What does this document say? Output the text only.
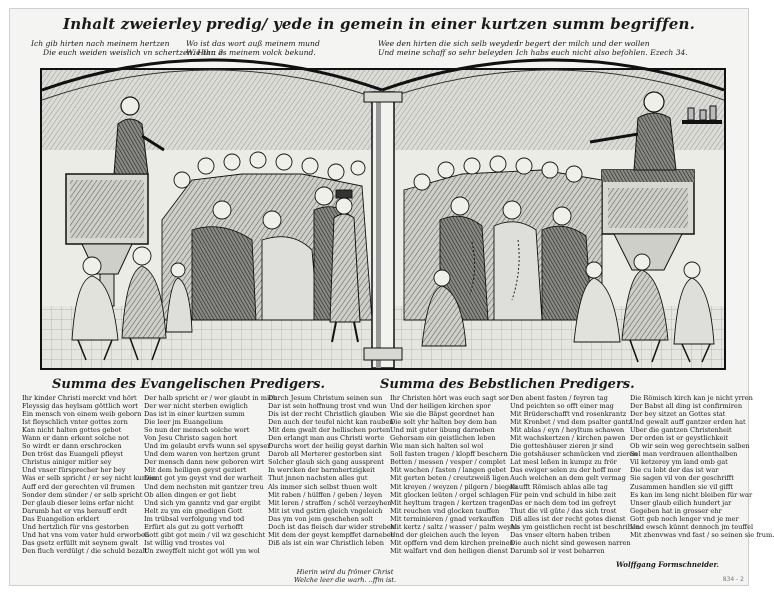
Inhalt zweierley predig/ yede in gemein in einer kurtzen summ begriffen.
Ich gib hirten nach meinem hertzen
Die euch weiden weislich vn schertzen. Hier. 3
Wo ist das wort auß meinem mund
Wie thu es meinem volck bekund.
Wee den hirten die sich selb weyden
Und meine schaff so sehr beleyden
Ir begert der milch und der wollen
Ich habs euch nicht also befohlen. Ezech 34.
Summa des Evangelischen Predigers.	Summa des Bebstlichen Predigers.
Ihr kinder Christi merckt vnd hört
Fleyssig das heylsam göttlich wort
Ein mensch von einem weib geborn
Ist fleyschlich vnter gottes zorn
Kan nicht halten gottes gebot
Wann er dann erkent solche not
So wirdt er dann erschrocken
Den tröst das Euangeli pfleyst
Christus ainiger mitler sey
Und vnser fürsprecher her bey
Was er selb spricht / er sey nicht kumen
Auff erd der gerechten vil frumen
Sonder dem sünder / er selb spricht
Der glaub dieser leins erfar nicht
Darumb hat er vns herauff erdt
Das Euangelion erklert
Und hertzlich für vns gestorben
Und hat vns vom vater huld erworben
Das gsetz erfüllt mit seynem gwalt
Den fluch verdülgt / die schuld bezalt
Der halb spricht er / wer glaubt in mich
Der wer nicht sterben ewiglich
Das ist in einer kurtzen summ
Die leer jm Euangelium
So nun der mensch solche wort
Von Jesu Christo sagen hort
Und im gelaubt ervfs wunn sel spyser
Und dem waren von hertzen grunt
Der mensch dann new geboren wirt
Mit dem heiligen geyst geziert
Dient got ym geyst vnd der warheit
Und dem nechsten mit gantzer treu
Ob allen dingen er got liebt
Und sich ym ganntz vnd gar ergibt
Helt zu ym ein gnedigen Gott
Im trübsal verfolgung vnd tod
Erfürt als gut zu gott verhofft
Gott gibt got mein / vil wz geschicht
Ist willig vnd trostes vol
Un zweyffelt nicht got wöll ym wol
Durch Jesum Christum seinen sun
Dar ist sein hoffnung trost vnd wun
Dis ist der recht Christlich glauben
Den auch der teufel nicht kan rauben
Mit dem gwalt der hellischen porten
Den erlangt man aus Christi worte
Durchs wort der heilig geyst darhin
Darob all Merterer gestorben sint
Solcher glaub sich gang aussprent
In wercken der barmhertzigkeit
Thut jnnen nachsten alles gut
Als immer sich selbst thuen wolt
Mit raben / hülffen / geben / leyen
Mit leren / straffen / schöl verzeyhen
Mit ist vnd gstirn gleich vngeleich
Das ym von jem geschehen solt
Doch ist das fleisch dar wider streben
Mit dem der geyst kempffet darneben
Diß als ist ein war Christlich leben
Ihr Christen hört was euch sagt sor
Und der heiligen kirchen spor
Wie sie die Bäpst geordnet han
Die solt yhr halten bey dem ban
Und mit guter übung darneben
Gehorsam ein geistlichen leben
Wie man sich halten sol wol
Soll fasten tragen / klopff beschern
Betten / messen / vesper / complet
Mit wachen / fasten / langen gebet
Mit gerten beten / creutzweiß ligen
Mit kreyen / weyzen / pilgern / biegen
Mit glocken leüten / orgel schlagen
Mit heyltum tragen / kertzen tragen
Mit reuchen vnd glocken tauffen
Mit terminieren / gnad verkauffen
Mit kertz / saltz / wasser / palm weyhe
Und der gleichen auch the leyen
Mit opffern vnd dem kirchen preinen
Mit walfart vnd den heiligen dienst
Den abent fasten / feyren tag
Und peichten so offt einer mag
Mit Brüderschafft vnd rosenkrantz
Mit Kronbet / vnd dem psalter gantz
Mit ablas / eyn / heyltum schawen
Mit wachskertzen / kirchen pawen
Die gotteshäuser zieren jr sind
Die gotshäuser schmücken vnd zieren
Lat mesl leßen in kumpz zu frör
Das ewiger selen zu der hoff mor
Auch welchen an dem gelt vermag
Kaufft Römisch ablas alle tag
Für pein vnd schuld in hibe zeit
Das er nach dem tod im gefreyt
Thut die vil güte / das sich trost
Diß alles ist der recht gotes dienst
Als ym geistlichen recht ist beschriben
Das vnser eltern haben triben
Die auch nicht sind gewesen narren
Darumb sol ir vest beharren
Die Römisch kirch kan je nicht yrren
Der Babst all ding ist confirmiren
Der bey sitzet an Gottes stat
Und gewalt auff gantzer erden hat
Uber die gantzen Christenheit
Der orden ist er geystlichkeit
Ob wir sein weg gerechtsein salben
Sol man verdrauen allenthalben
Vil ketzerey ym land omb gat
Die cu lobt der das ist war
Sie sagen vil von der geschrifft
Zusammen handlen sie vil gifft
Es kan im leng nicht bleiben für war
Unser glaub eilich hundert jar
Gegeben hat in grosser ehr
Gott geb noch lenger vnd je mer
Und ewsch künnt dennoch jm teuffel
Mit zhenvwas vnd fast / so seinen sie frum.
Hierin wird du frömer Christ
Welche leer die warh. ..ffm ist.
Wolffgang Formschneider.
834 - 2
